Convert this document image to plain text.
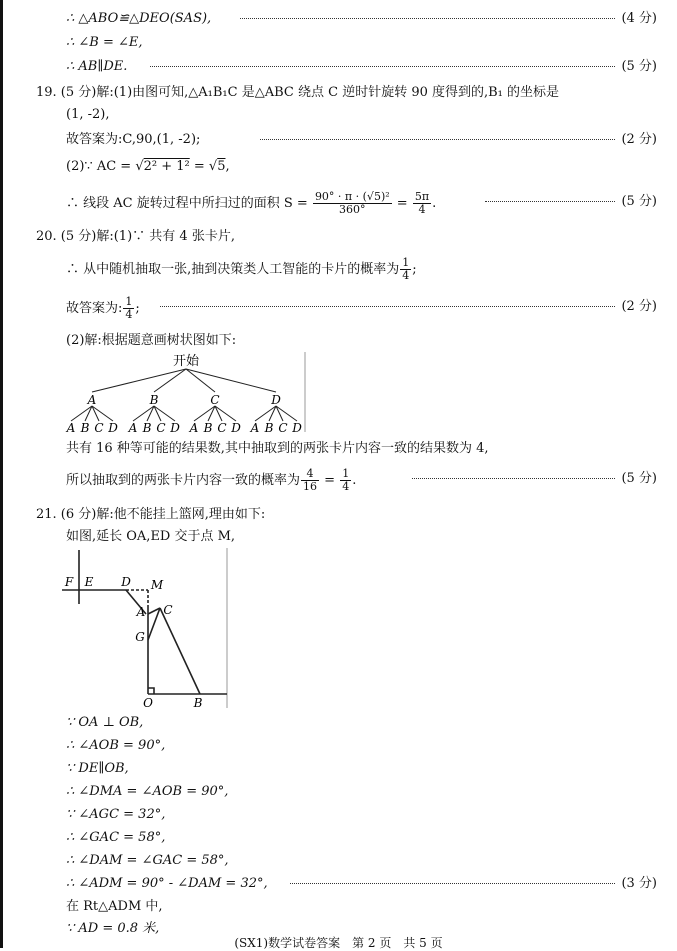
∴ △ABO≌△DEO(SAS),	(4 分)
∴ ∠B = ∠E,
∴ AB∥DE.	(5 分)
19. (5 分)解:(1)由图可知,△A₁B₁C 是△ABC 绕点 C 逆时针旋转 90 度得到的,B₁ 的坐标是
(1, -2),
故答案为:C,90,(1, -2);	(2 分)
(2)∵ AC = √2² + 1² = √5,
∴ 线段 AC 旋转过程中所扫过的面积 $S = \frac{\text{90° · π · (√5)²}}{360^\circ} = \frac{5\pi}{4}$ .	(5 分)
20. (5 分)解:(1)∵ 共有 4 张卡片,
∴ 从中随机抽取一张,抽到决策类人工智能的卡片的概率为 $\frac{1}{4}$ ;
故答案为: $\frac{1}{4}$ ;	(2 分)
(2)解:根据题意画树状图如下:
开始
A	B	C	D
A B C D A B C D A B C D A B C D
共有 16 种等可能的结果数,其中抽取到的两张卡片内容一致的结果数为 4,
所以抽取到的两张卡片内容一致的概率为 $\frac{4}{16} = \frac{1}{4}$ .	(5 分)
21. (6 分)解:他不能挂上篮网,理由如下:
如图,延长 OA,ED 交于点 M,
F E D M
A C
G
O	B
∵ OA ⊥ OB,
∴ ∠AOB = 90°,
∵ DE∥OB,
∴ ∠DMA = ∠AOB = 90°,
∵ ∠AGC = 32°,
∴ ∠GAC = 58°,
∴ ∠DAM = ∠GAC = 58°,
∴ ∠ADM = 90° - ∠DAM = 32°,	(3 分)
在 Rt△ADM 中,
∵ AD = 0.8 米,
(SX1)数学试卷答案　第 2 页　共 5 页
